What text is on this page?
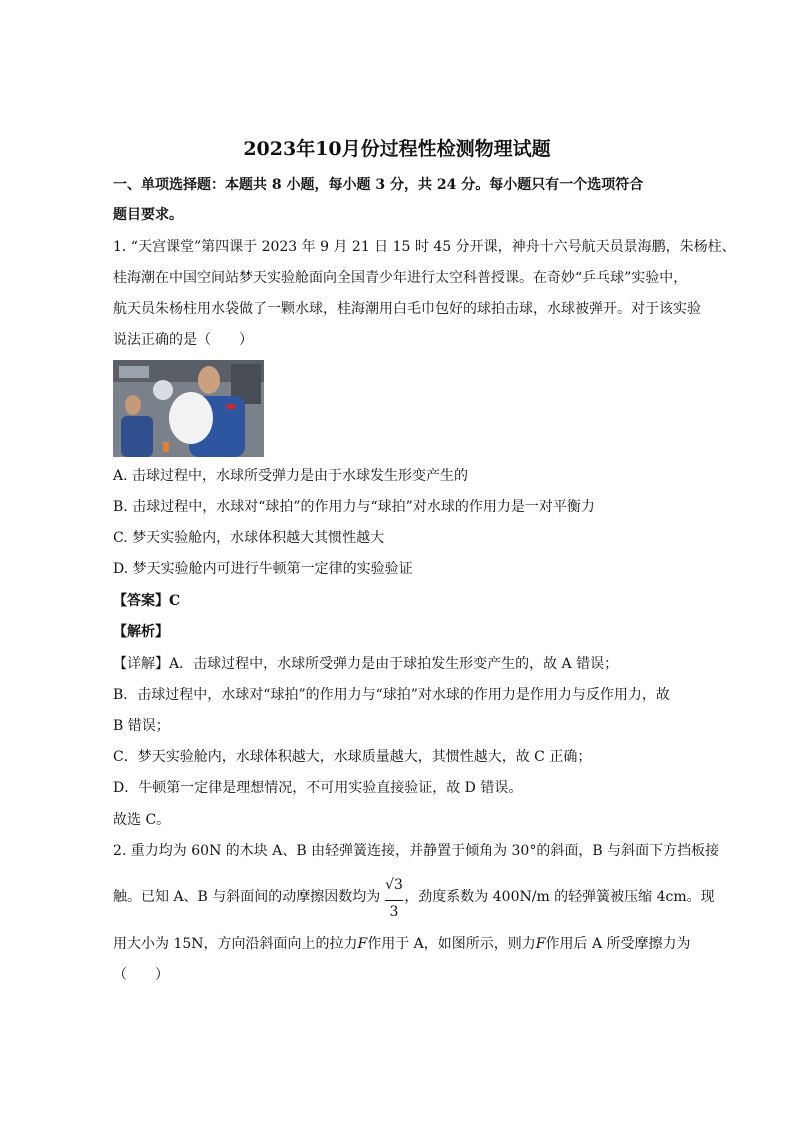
2023年10月份过程性检测物理试题
一、单项选择题：本题共 8 小题，每小题 3 分，共 24 分。每小题只有一个选项符合
题目要求。
1. “天宫课堂”第四课于 2023 年 9 月 21 日 15 时 45 分开课，神舟十六号航天员景海鹏，朱杨柱、
桂海潮在中国空间站梦天实验舱面向全国青少年进行太空科普授课。在奇妙“乒乓球”实验中，
航天员朱杨柱用水袋做了一颗水球，桂海潮用白毛巾包好的球拍击球，水球被弹开。对于该实验
说法正确的是（　　）
A. 击球过程中，水球所受弹力是由于水球发生形变产生的
B. 击球过程中，水球对“球拍”的作用力与“球拍”对水球的作用力是一对平衡力
C. 梦天实验舱内，水球体积越大其惯性越大
D. 梦天实验舱内可进行牛顿第一定律的实验验证
【答案】C
【解析】
【详解】A．击球过程中，水球所受弹力是由于球拍发生形变产生的，故 A 错误；
B．击球过程中，水球对“球拍”的作用力与“球拍”对水球的作用力是作用力与反作用力，故
B 错误；
C．梦天实验舱内，水球体积越大，水球质量越大，其惯性越大，故 C 正确；
D．牛顿第一定律是理想情况，不可用实验直接验证，故 D 错误。
故选 C。
2. 重力均为 60N 的木块 A、B 由轻弹簧连接，并静置于倾角为 30°的斜面，B 与斜面下方挡板接
触。已知 A、B 与斜面间的动摩擦因数均为 ，劲度系数为 400N/m 的轻弹簧被压缩 4cm。现
√3
3
用大小为 15N，方向沿斜面向上的拉力F作用于 A，如图所示，则力F作用后 A 所受摩擦力为
（　　）
